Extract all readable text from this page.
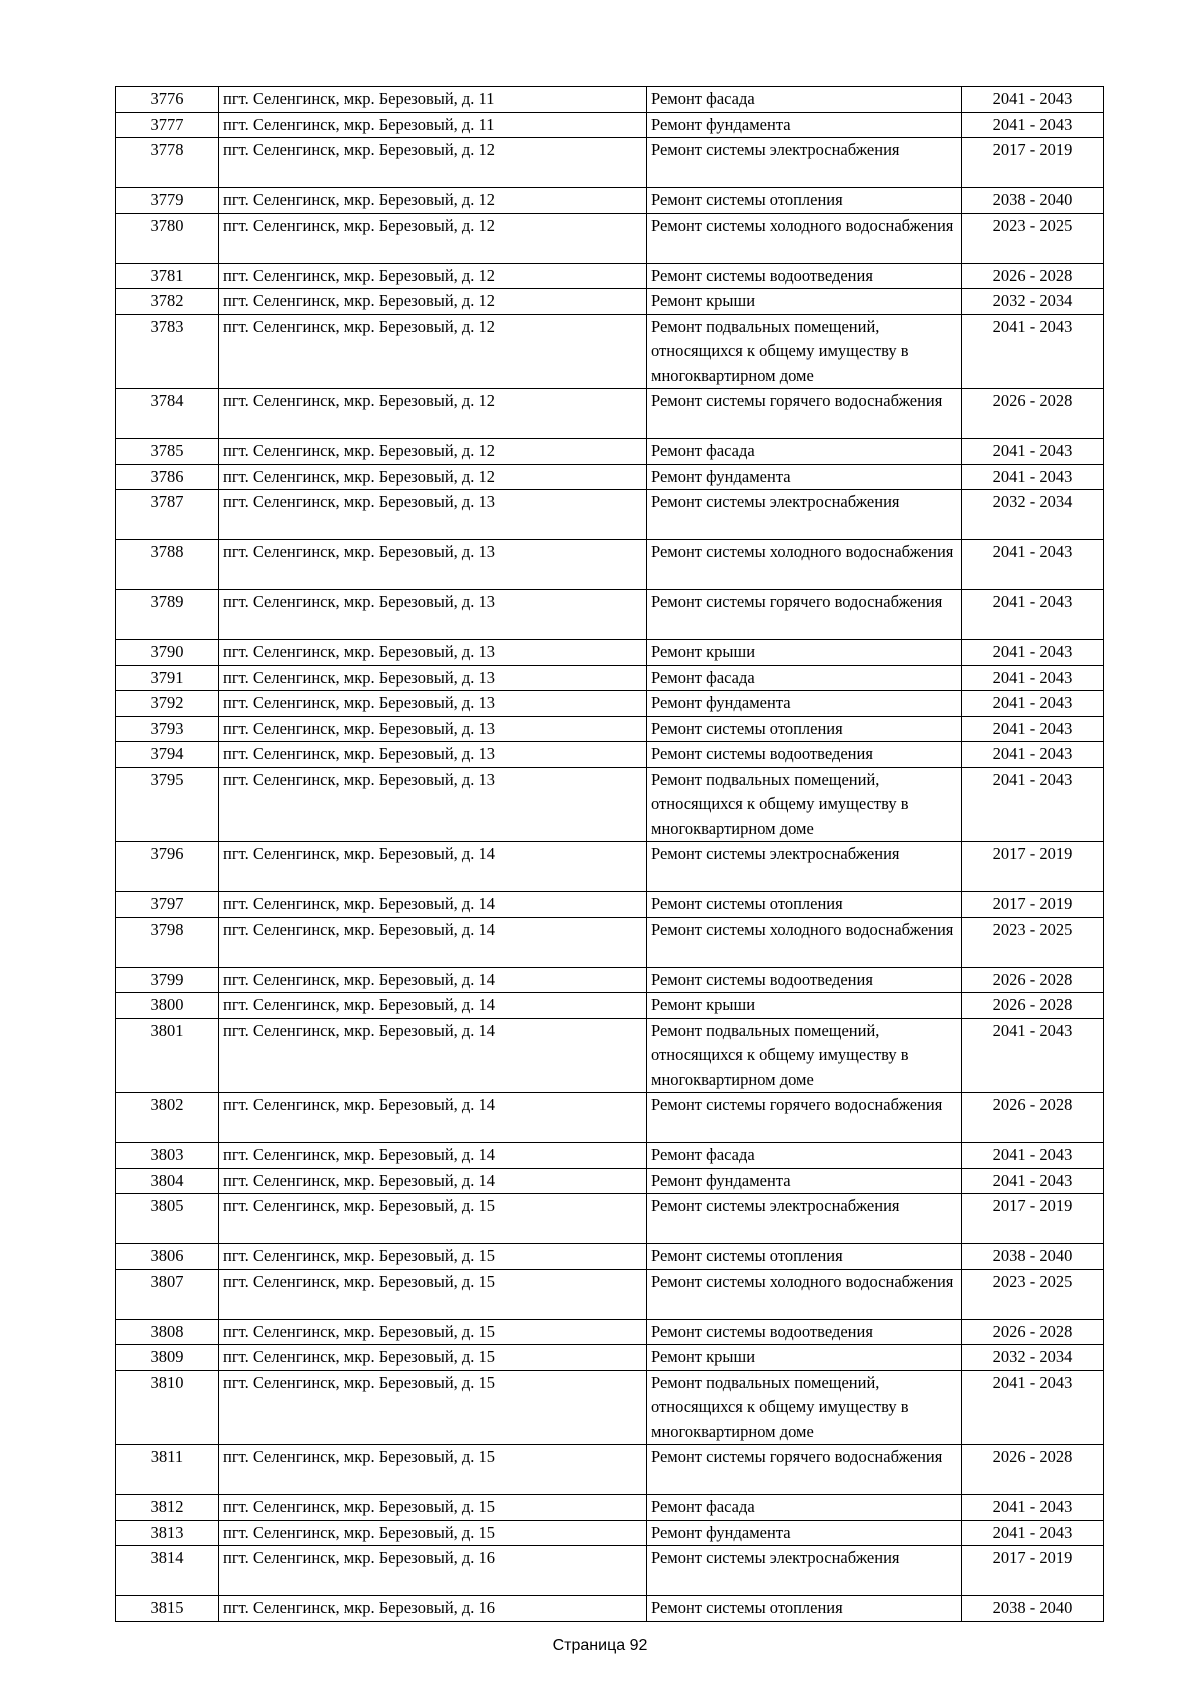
3776	пгт. Селенгинск, мкр. Березовый, д. 11	Ремонт фасада	2041 - 2043
3777	пгт. Селенгинск, мкр. Березовый, д. 11	Ремонт фундамента	2041 - 2043
3778	пгт. Селенгинск, мкр. Березовый, д. 12	Ремонт системы электроснабжения	2017 - 2019
3779	пгт. Селенгинск, мкр. Березовый, д. 12	Ремонт системы отопления	2038 - 2040
3780	пгт. Селенгинск, мкр. Березовый, д. 12	Ремонт системы холодного водоснабжения	2023 - 2025
3781	пгт. Селенгинск, мкр. Березовый, д. 12	Ремонт системы водоотведения	2026 - 2028
3782	пгт. Селенгинск, мкр. Березовый, д. 12	Ремонт крыши	2032 - 2034
3783	пгт. Селенгинск, мкр. Березовый, д. 12	Ремонт подвальных помещений, относящихся к общему имуществу в многоквартирном доме	2041 - 2043
3784	пгт. Селенгинск, мкр. Березовый, д. 12	Ремонт системы горячего водоснабжения	2026 - 2028
3785	пгт. Селенгинск, мкр. Березовый, д. 12	Ремонт фасада	2041 - 2043
3786	пгт. Селенгинск, мкр. Березовый, д. 12	Ремонт фундамента	2041 - 2043
3787	пгт. Селенгинск, мкр. Березовый, д. 13	Ремонт системы электроснабжения	2032 - 2034
3788	пгт. Селенгинск, мкр. Березовый, д. 13	Ремонт системы холодного водоснабжения	2041 - 2043
3789	пгт. Селенгинск, мкр. Березовый, д. 13	Ремонт системы горячего водоснабжения	2041 - 2043
3790	пгт. Селенгинск, мкр. Березовый, д. 13	Ремонт крыши	2041 - 2043
3791	пгт. Селенгинск, мкр. Березовый, д. 13	Ремонт фасада	2041 - 2043
3792	пгт. Селенгинск, мкр. Березовый, д. 13	Ремонт фундамента	2041 - 2043
3793	пгт. Селенгинск, мкр. Березовый, д. 13	Ремонт системы отопления	2041 - 2043
3794	пгт. Селенгинск, мкр. Березовый, д. 13	Ремонт системы водоотведения	2041 - 2043
3795	пгт. Селенгинск, мкр. Березовый, д. 13	Ремонт подвальных помещений, относящихся к общему имуществу в многоквартирном доме	2041 - 2043
3796	пгт. Селенгинск, мкр. Березовый, д. 14	Ремонт системы электроснабжения	2017 - 2019
3797	пгт. Селенгинск, мкр. Березовый, д. 14	Ремонт системы отопления	2017 - 2019
3798	пгт. Селенгинск, мкр. Березовый, д. 14	Ремонт системы холодного водоснабжения	2023 - 2025
3799	пгт. Селенгинск, мкр. Березовый, д. 14	Ремонт системы водоотведения	2026 - 2028
3800	пгт. Селенгинск, мкр. Березовый, д. 14	Ремонт крыши	2026 - 2028
3801	пгт. Селенгинск, мкр. Березовый, д. 14	Ремонт подвальных помещений, относящихся к общему имуществу в многоквартирном доме	2041 - 2043
3802	пгт. Селенгинск, мкр. Березовый, д. 14	Ремонт системы горячего водоснабжения	2026 - 2028
3803	пгт. Селенгинск, мкр. Березовый, д. 14	Ремонт фасада	2041 - 2043
3804	пгт. Селенгинск, мкр. Березовый, д. 14	Ремонт фундамента	2041 - 2043
3805	пгт. Селенгинск, мкр. Березовый, д. 15	Ремонт системы электроснабжения	2017 - 2019
3806	пгт. Селенгинск, мкр. Березовый, д. 15	Ремонт системы отопления	2038 - 2040
3807	пгт. Селенгинск, мкр. Березовый, д. 15	Ремонт системы холодного водоснабжения	2023 - 2025
3808	пгт. Селенгинск, мкр. Березовый, д. 15	Ремонт системы водоотведения	2026 - 2028
3809	пгт. Селенгинск, мкр. Березовый, д. 15	Ремонт крыши	2032 - 2034
3810	пгт. Селенгинск, мкр. Березовый, д. 15	Ремонт подвальных помещений, относящихся к общему имуществу в многоквартирном доме	2041 - 2043
3811	пгт. Селенгинск, мкр. Березовый, д. 15	Ремонт системы горячего водоснабжения	2026 - 2028
3812	пгт. Селенгинск, мкр. Березовый, д. 15	Ремонт фасада	2041 - 2043
3813	пгт. Селенгинск, мкр. Березовый, д. 15	Ремонт фундамента	2041 - 2043
3814	пгт. Селенгинск, мкр. Березовый, д. 16	Ремонт системы электроснабжения	2017 - 2019
3815	пгт. Селенгинск, мкр. Березовый, д. 16	Ремонт системы отопления	2038 - 2040
Страница 92
